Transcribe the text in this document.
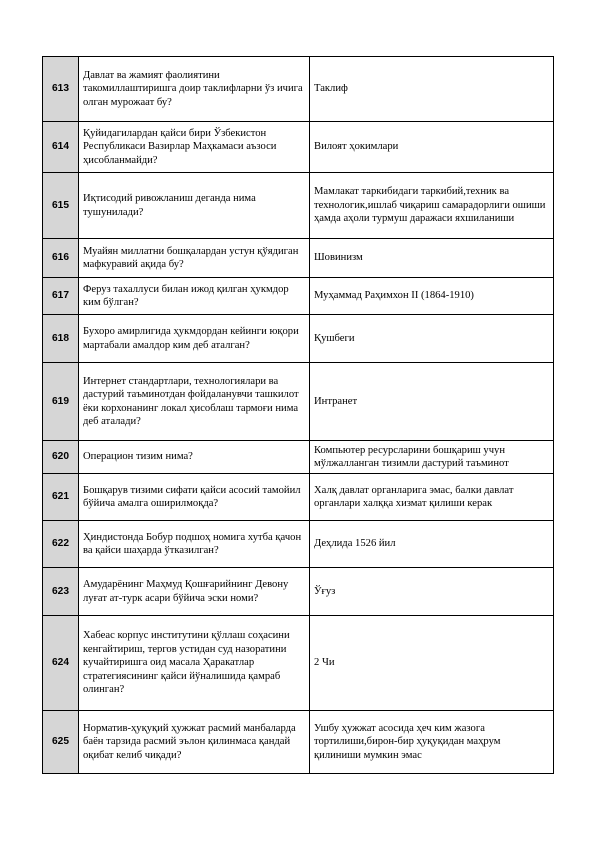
613	Давлат ва жамият фаолиятини такомиллаштиришга доир таклифларни ўз ичига олган мурожаат бу?	Таклиф
614	Қуйидагилардан қайси бири Ўзбекистон Республикаси Вазирлар Маҳкамаси аъзоси ҳисобланмайди?	Вилоят ҳокимлари
615	Иқтисодий ривожланиш деганда нима тушунилади?	Мамлакат таркибидаги таркибий,техник ва технологик,ишлаб чиқариш самарадорлиги ошиши ҳамда аҳоли турмуш даражаси яхшиланиши
616	Муайян миллатни бошқалардан устун қўядиган мафкуравий ақида бу?	Шовинизм
617	Феруз тахаллуси билан ижод қилган ҳукмдор ким бўлган?	Муҳаммад Раҳимхон II (1864-1910)
618	Бухоро амирлигида ҳукмдордан кейинги юқори мартабали амалдор ким деб аталган?	Қушбеги
619	Интернет стандартлари, технологиялари ва дастурий таъминотдан фойдаланувчи ташкилот ёки корхонанинг локал ҳисоблаш тармоғи нима деб аталади?	Интранет
620	Операцион тизим нима?	Компьютер ресурсларини бошқариш учун мўлжалланган тизимли дастурий таъминот
621	Бошқарув тизими сифати қайси асосий тамойил бўйича амалга оширилмоқда?	Халқ давлат органларига эмас, балки давлат органлари халққа хизмат қилиши керак
622	Ҳиндистонда Бобур подшоҳ номига хутба қачон ва қайси шаҳарда ўтказилган?	Деҳлида 1526 йил
623	Амударёнинг Маҳмуд Қошғарийнинг Девону луғат ат-турк асари бўйича эски номи?	Ўғуз
624	Хабеас корпус институтини қўллаш соҳасини кенгайтириш, тергов устидан суд назоратини кучайтиришга оид масала Ҳаракатлар стратегиясининг қайси йўналишида қамраб олинган?	2 Чи
625	Норматив-ҳуқуқий ҳужжат расмий манбаларда баён тарзида расмий эълон қилинмаса қандай оқибат келиб чиқади?	Ушбу ҳужжат асосида ҳеч ким жазога тортилиши,бирон-бир ҳуқуқидан маҳрум қилиниши мумкин эмас
